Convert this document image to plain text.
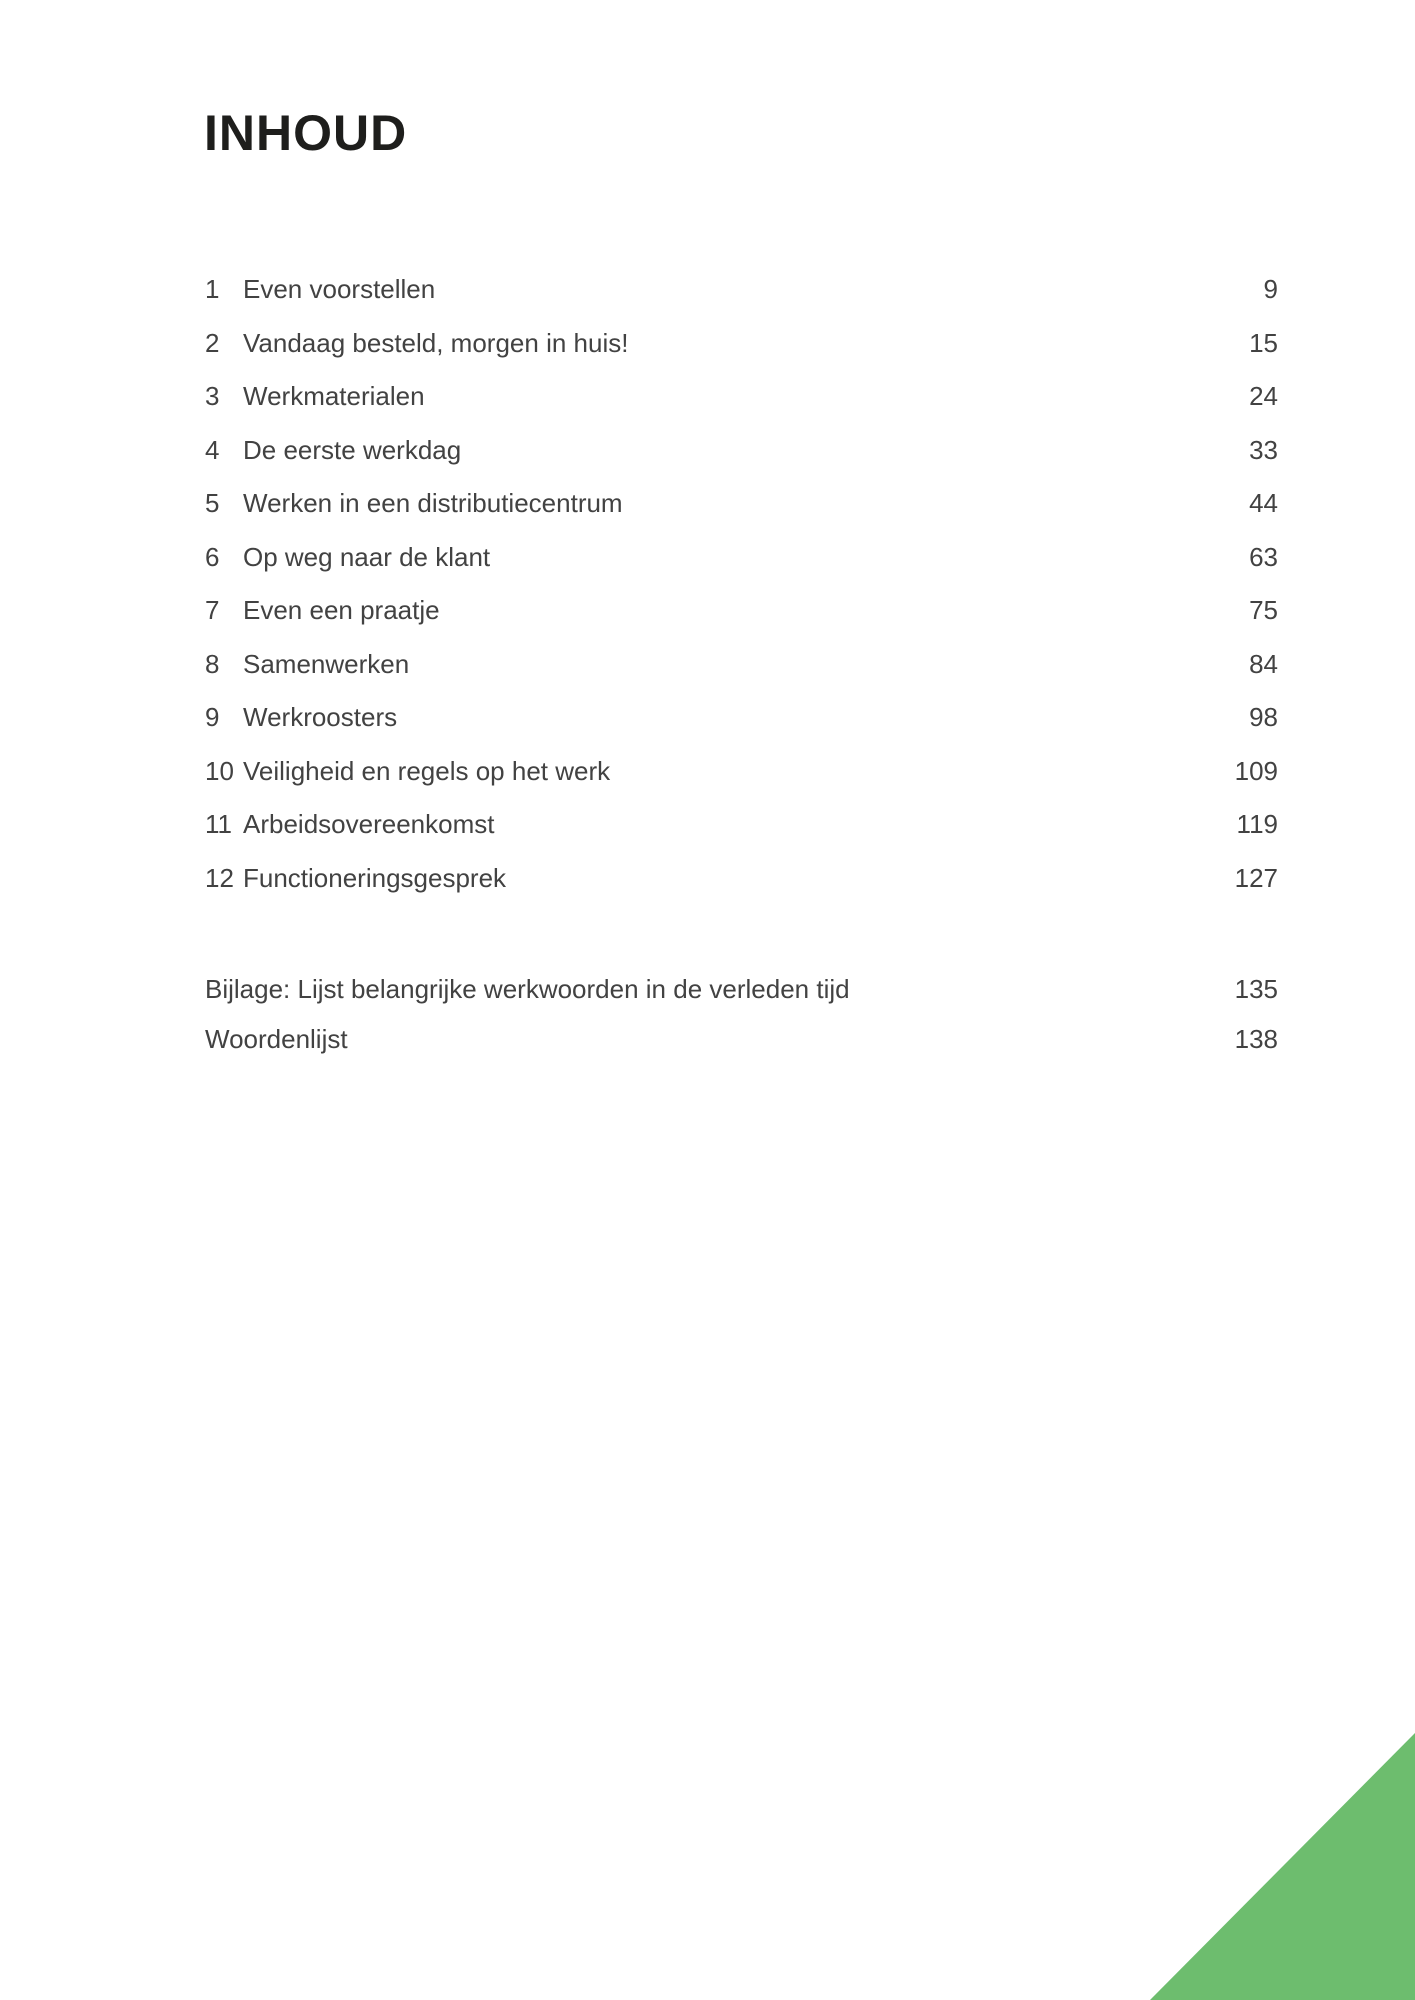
INHOUD
1 Even voorstellen	9
2 Vandaag besteld, morgen in huis!	15
3 Werkmaterialen	24
4 De eerste werkdag	33
5 Werken in een distributiecentrum	44
6 Op weg naar de klant	63
7 Even een praatje	75
8 Samenwerken	84
9 Werkroosters	98
10 Veiligheid en regels op het werk	109
11 Arbeidsovereenkomst	119
12 Functioneringsgesprek	127
Bijlage: Lijst belangrijke werkwoorden in de verleden tijd	135
Woordenlijst	138
